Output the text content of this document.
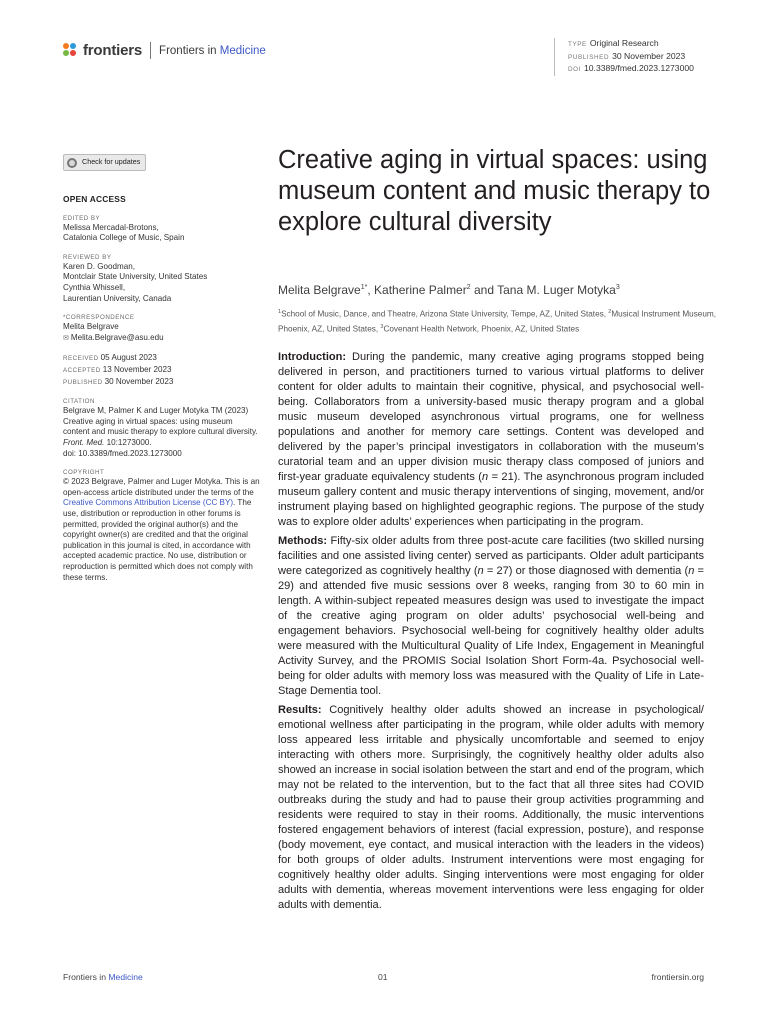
frontiers Frontiers in Medicine	TYPE Original Research
PUBLISHED 30 November 2023
DOI 10.3389/fmed.2023.1273000
Check for updates
OPEN ACCESS
EDITED BY
Melissa Mercadal-Brotons,
Catalonia College of Music, Spain
REVIEWED BY
Karen D. Goodman,
Montclair State University, United States
Cynthia Whissell,
Laurentian University, Canada
*CORRESPONDENCE
Melita Belgrave
✉ Melita.Belgrave@asu.edu
RECEIVED 05 August 2023
ACCEPTED 13 November 2023
PUBLISHED 30 November 2023
CITATION
Belgrave M, Palmer K and Luger Motyka TM (2023) Creative aging in virtual spaces: using museum content and music therapy to explore cultural diversity.
Front. Med. 10:1273000.
doi: 10.3389/fmed.2023.1273000
COPYRIGHT
© 2023 Belgrave, Palmer and Luger Motyka. This is an open-access article distributed under the terms of the Creative Commons Attribution License (CC BY). The use, distribution or reproduction in other forums is permitted, provided the original author(s) and the copyright owner(s) are credited and that the original publication in this journal is cited, in accordance with accepted academic practice. No use, distribution or reproduction is permitted which does not comply with these terms.
Creative aging in virtual spaces: using museum content and music therapy to explore cultural diversity
Melita Belgrave$^{1*}$, Katherine Palmer$^2$ and Tana M. Luger Motyka$^3$
$^1$School of Music, Dance, and Theatre, Arizona State University, Tempe, AZ, United States, $^2$Musical Instrument Museum, Phoenix, AZ, United States, $^3$Covenant Health Network, Phoenix, AZ, United States

Introduction: During the pandemic, many creative aging programs stopped being delivered in person, and practitioners turned to various virtual platforms to deliver content for older adults to maintain their cognitive, physical, and psychosocial well-being. Collaborators from a university-based music therapy program and a global music museum developed asynchronous virtual programs, one for wellness populations and another for memory care settings. Content was developed and delivered by the paper’s principal investigators in collaboration with the museum’s curatorial team and an upper division music therapy class composed of juniors and first-year graduate equivalency students (n = 21). The asynchronous program included museum gallery content and music therapy interventions of singing, movement, and/or instrument playing based on highlighted geographic regions. The purpose of the study was to explore older adults’ experiences when participating in the program.

Methods: Fifty-six older adults from three post-acute care facilities (two skilled nursing facilities and one assisted living center) served as participants. Older adult participants were categorized as cognitively healthy (n = 27) or those diagnosed with dementia (n = 29) and attended five music sessions over 8 weeks, ranging from 30 to 60 min in length. A within-subject repeated measures design was used to investigate the impact of the creative aging program on older adults’ psychosocial well-being and engagement behaviors. Psychosocial well-being for cognitively healthy older adults were measured with the Multicultural Quality of Life Index, Engagement in Meaningful Activity Survey, and the PROMIS Social Isolation Short Form-4a. Psychosocial well-being for older adults with memory loss was measured with the Quality of Life in Late-Stage Dementia tool.

Results: Cognitively healthy older adults showed an increase in psychological/ emotional wellness after participating in the program, while older adults with memory loss appeared less irritable and physically uncomfortable and seemed to enjoy interacting with others more. Surprisingly, the cognitively healthy older adults also showed an increase in social isolation between the start and end of the program, which may not be related to the intervention, but to the fact that all three sites had COVID outbreaks during the study and had to pause their group activities programming and residents were required to stay in their rooms. Additionally, the music interventions fostered engagement behaviors of interest (facial expression, posture), and response (body movement, eye contact, and musical interaction with the leaders in the videos) for both groups of older adults. Instrument interventions were most engaging for cognitively healthy older adults. Singing interventions were most engaging for older adults with dementia, whereas movement interventions were less engaging for older adults with dementia.

Frontiers in Medicine	01	frontiersin.org
